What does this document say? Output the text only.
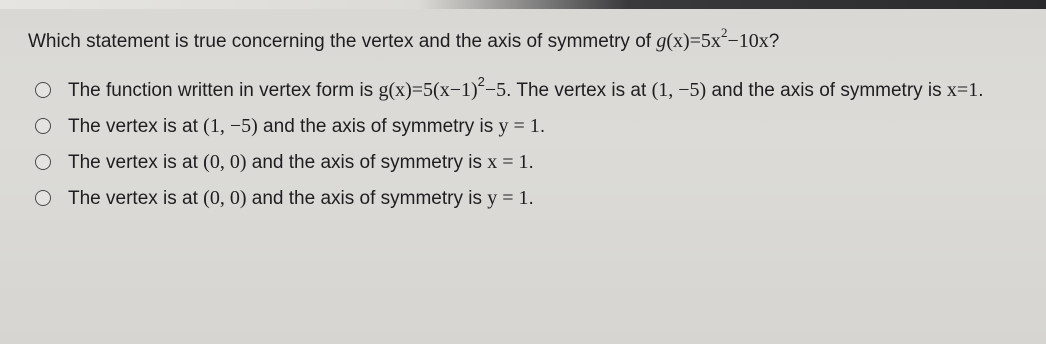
Which statement is true concerning the vertex and the axis of symmetry of $g(x)=5x^2-10x$?
The function written in vertex form is $g(x)=5(x-1)^2-5$. The vertex is at (1, −5) and the axis of symmetry is x=1.
The vertex is at (1, −5) and the axis of symmetry is y = 1.
The vertex is at (0, 0) and the axis of symmetry is x = 1.
The vertex is at (0, 0) and the axis of symmetry is y = 1.
